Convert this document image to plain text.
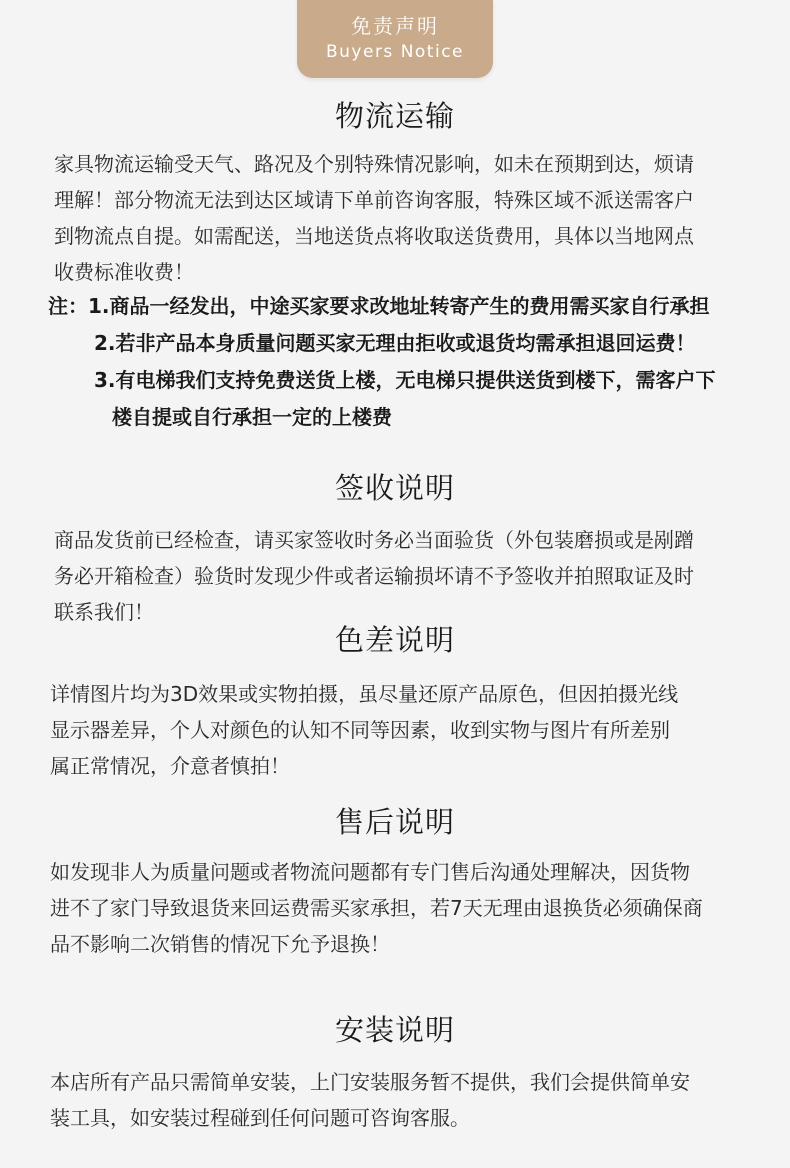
免责声明
Buyers Notice
物流运输
家具物流运输受天气、路况及个别特殊情况影响，如未在预期到达，烦请
理解！部分物流无法到达区域请下单前咨询客服，特殊区域不派送需客户
到物流点自提。如需配送，当地送货点将收取送货费用，具体以当地网点
收费标准收费！
注：1.商品一经发出，中途买家要求改地址转寄产生的费用需买家自行承担
2.若非产品本身质量问题买家无理由拒收或退货均需承担退回运费！
3.有电梯我们支持免费送货上楼，无电梯只提供送货到楼下，需客户下
楼自提或自行承担一定的上楼费
签收说明
商品发货前已经检查，请买家签收时务必当面验货（外包装磨损或是剐蹭
务必开箱检查）验货时发现少件或者运输损坏请不予签收并拍照取证及时
联系我们！
色差说明
详情图片均为3D效果或实物拍摄，虽尽量还原产品原色，但因拍摄光线
显示器差异，个人对颜色的认知不同等因素，收到实物与图片有所差别
属正常情况，介意者慎拍！
售后说明
如发现非人为质量问题或者物流问题都有专门售后沟通处理解决，因货物
进不了家门导致退货来回运费需买家承担，若7天无理由退换货必须确保商
品不影响二次销售的情况下允予退换！
安装说明
本店所有产品只需简单安装，上门安装服务暂不提供，我们会提供简单安
装工具，如安装过程碰到任何问题可咨询客服。
